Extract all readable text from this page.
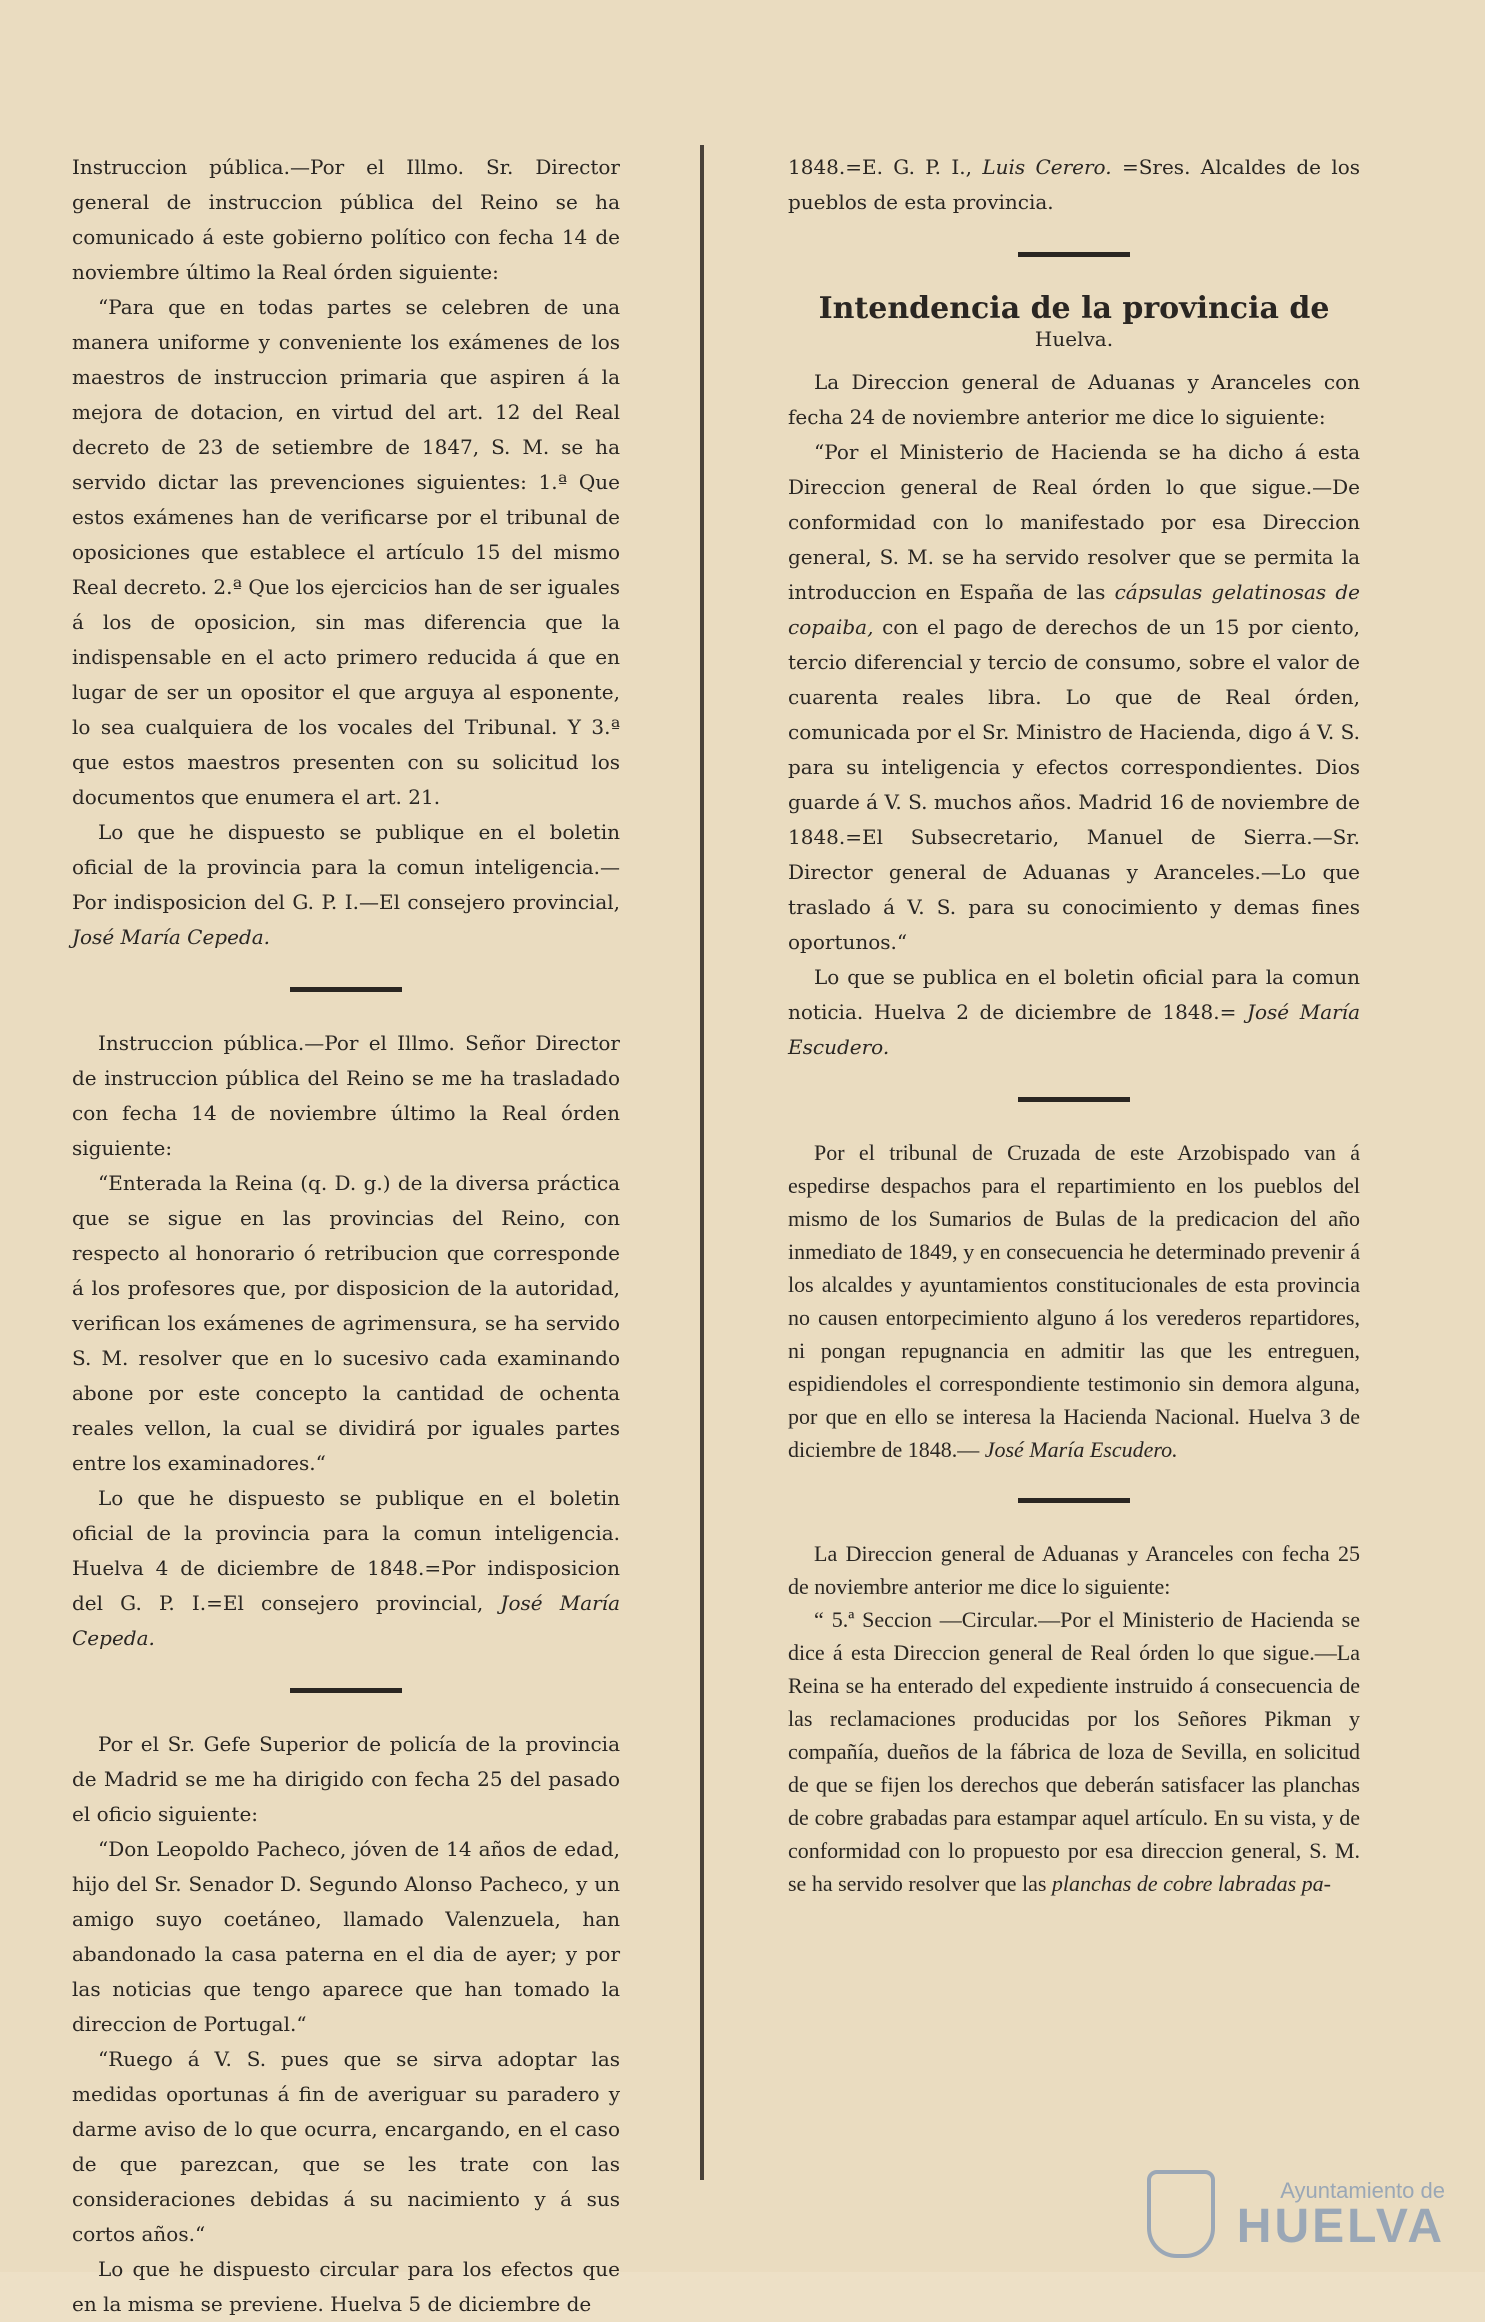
Instruccion pública.—Por el Illmo. Sr. Director general de instruccion pública del Reino se ha comunicado á este gobierno político con fecha 14 de noviembre último la Real órden siguiente:

“Para que en todas partes se celebren de una manera uniforme y conveniente los exámenes de los maestros de instruccion primaria que aspiren á la mejora de dotacion, en virtud del art. 12 del Real decreto de 23 de setiembre de 1847, S. M. se ha servido dictar las prevenciones siguientes: 1.ª Que estos exámenes han de verificarse por el tribunal de oposiciones que establece el artículo 15 del mismo Real decreto. 2.ª Que los ejercicios han de ser iguales á los de oposicion, sin mas diferencia que la indispensable en el acto primero reducida á que en lugar de ser un opositor el que arguya al esponente, lo sea cualquiera de los vocales del Tribunal. Y 3.ª que estos maestros presenten con su solicitud los documentos que enumera el art. 21.

Lo que he dispuesto se publique en el boletin oficial de la provincia para la comun inteligencia.—Por indisposicion del G. P. I.—El consejero provincial, José María Cepeda.

Instruccion pública.—Por el Illmo. Señor Director de instruccion pública del Reino se me ha trasladado con fecha 14 de noviembre último la Real órden siguiente:

“Enterada la Reina (q. D. g.) de la diversa práctica que se sigue en las provincias del Reino, con respecto al honorario ó retribucion que corresponde á los profesores que, por disposicion de la autoridad, verifican los exámenes de agrimensura, se ha servido S. M. resolver que en lo sucesivo cada examinando abone por este concepto la cantidad de ochenta reales vellon, la cual se dividirá por iguales partes entre los examinadores.“

Lo que he dispuesto se publique en el boletin oficial de la provincia para la comun inteligencia. Huelva 4 de diciembre de 1848.=Por indisposicion del G. P. I.=El consejero provincial, José María Cepeda.

Por el Sr. Gefe Superior de policía de la provincia de Madrid se me ha dirigido con fecha 25 del pasado el oficio siguiente:

“Don Leopoldo Pacheco, jóven de 14 años de edad, hijo del Sr. Senador D. Segundo Alonso Pacheco, y un amigo suyo coetáneo, llamado Valenzuela, han abandonado la casa paterna en el dia de ayer; y por las noticias que tengo aparece que han tomado la direccion de Portugal.“

“Ruego á V. S. pues que se sirva adoptar las medidas oportunas á fin de averiguar su paradero y darme aviso de lo que ocurra, encargando, en el caso de que parezcan, que se les trate con las consideraciones debidas á su nacimiento y á sus cortos años.“

Lo que he dispuesto circular para los efectos que en la misma se previene. Huelva 5 de diciembre de

1848.=E. G. P. I., Luis Cerero. =Sres. Alcaldes de los pueblos de esta provincia.

Intendencia de la provincia de
Huelva.

La Direccion general de Aduanas y Aranceles con fecha 24 de noviembre anterior me dice lo siguiente:

“Por el Ministerio de Hacienda se ha dicho á esta Direccion general de Real órden lo que sigue.—De conformidad con lo manifestado por esa Direccion general, S. M. se ha servido resolver que se permita la introduccion en España de las cápsulas gelatinosas de copaiba, con el pago de derechos de un 15 por ciento, tercio diferencial y tercio de consumo, sobre el valor de cuarenta reales libra. Lo que de Real órden, comunicada por el Sr. Ministro de Hacienda, digo á V. S. para su inteligencia y efectos correspondientes. Dios guarde á V. S. muchos años. Madrid 16 de noviembre de 1848.=El Subsecretario, Manuel de Sierra.—Sr. Director general de Aduanas y Aranceles.—Lo que traslado á V. S. para su conocimiento y demas fines oportunos.“

Lo que se publica en el boletin oficial para la comun noticia. Huelva 2 de diciembre de 1848.= José María Escudero.

Por el tribunal de Cruzada de este Arzobispado van á espedirse despachos para el repartimiento en los pueblos del mismo de los Sumarios de Bulas de la predicacion del año inmediato de 1849, y en consecuencia he determinado prevenir á los alcaldes y ayuntamientos constitucionales de esta provincia no causen entorpecimiento alguno á los verederos repartidores, ni pongan repugnancia en admitir las que les entreguen, espidiendoles el correspondiente testimonio sin demora alguna, por que en ello se interesa la Hacienda Nacional. Huelva 3 de diciembre de 1848.— José María Escudero.

La Direccion general de Aduanas y Aranceles con fecha 25 de noviembre anterior me dice lo siguiente:

“ 5.ª Seccion —Circular.—Por el Ministerio de Hacienda se dice á esta Direccion general de Real órden lo que sigue.—La Reina se ha enterado del expediente instruido á consecuencia de las reclamaciones producidas por los Señores Pikman y compañía, dueños de la fábrica de loza de Sevilla, en solicitud de que se fijen los derechos que deberán satisfacer las planchas de cobre grabadas para estampar aquel artículo. En su vista, y de conformidad con lo propuesto por esa direccion general, S. M. se ha servido resolver que las planchas de cobre labradas pa-

Ayuntamiento de
HUELVA
